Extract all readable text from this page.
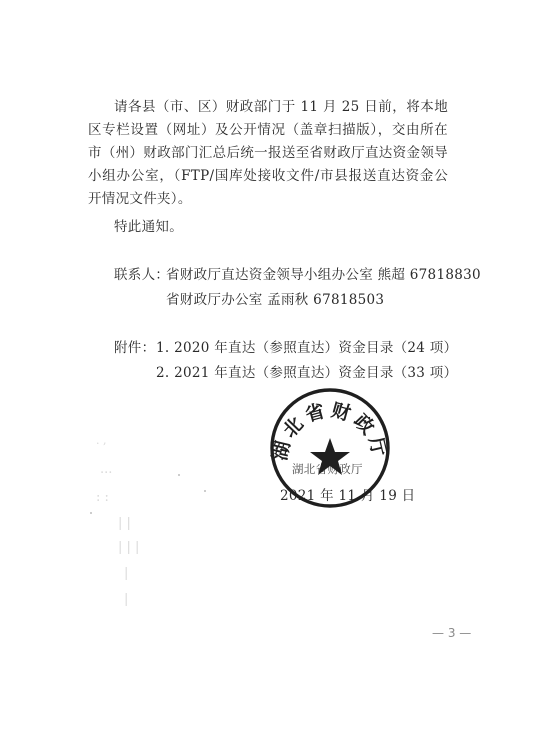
请各县（市、区）财政部门于 11 月 25 日前，将本地区专栏设置（网址）及公开情况（盖章扫描版），交由所在市（州）财政部门汇总后统一报送至省财政厅直达资金领导小组办公室，（FTP/国库处接收文件/市县报送直达资金公开情况文件夹）。
特此通知。
联系人：
省财政厅直达资金领导小组办公室 熊超 67818830
省财政厅办公室 孟雨秋 67818503
附件： 1. 2020 年直达（参照直达）资金目录（24 项）
2. 2021 年直达（参照直达）资金目录（33 项）
. ,
...
: :
| |
| | |
|
|
湖北省财政厅
2021 年 11 月 19 日
湖北省财政厅
— 3 —
